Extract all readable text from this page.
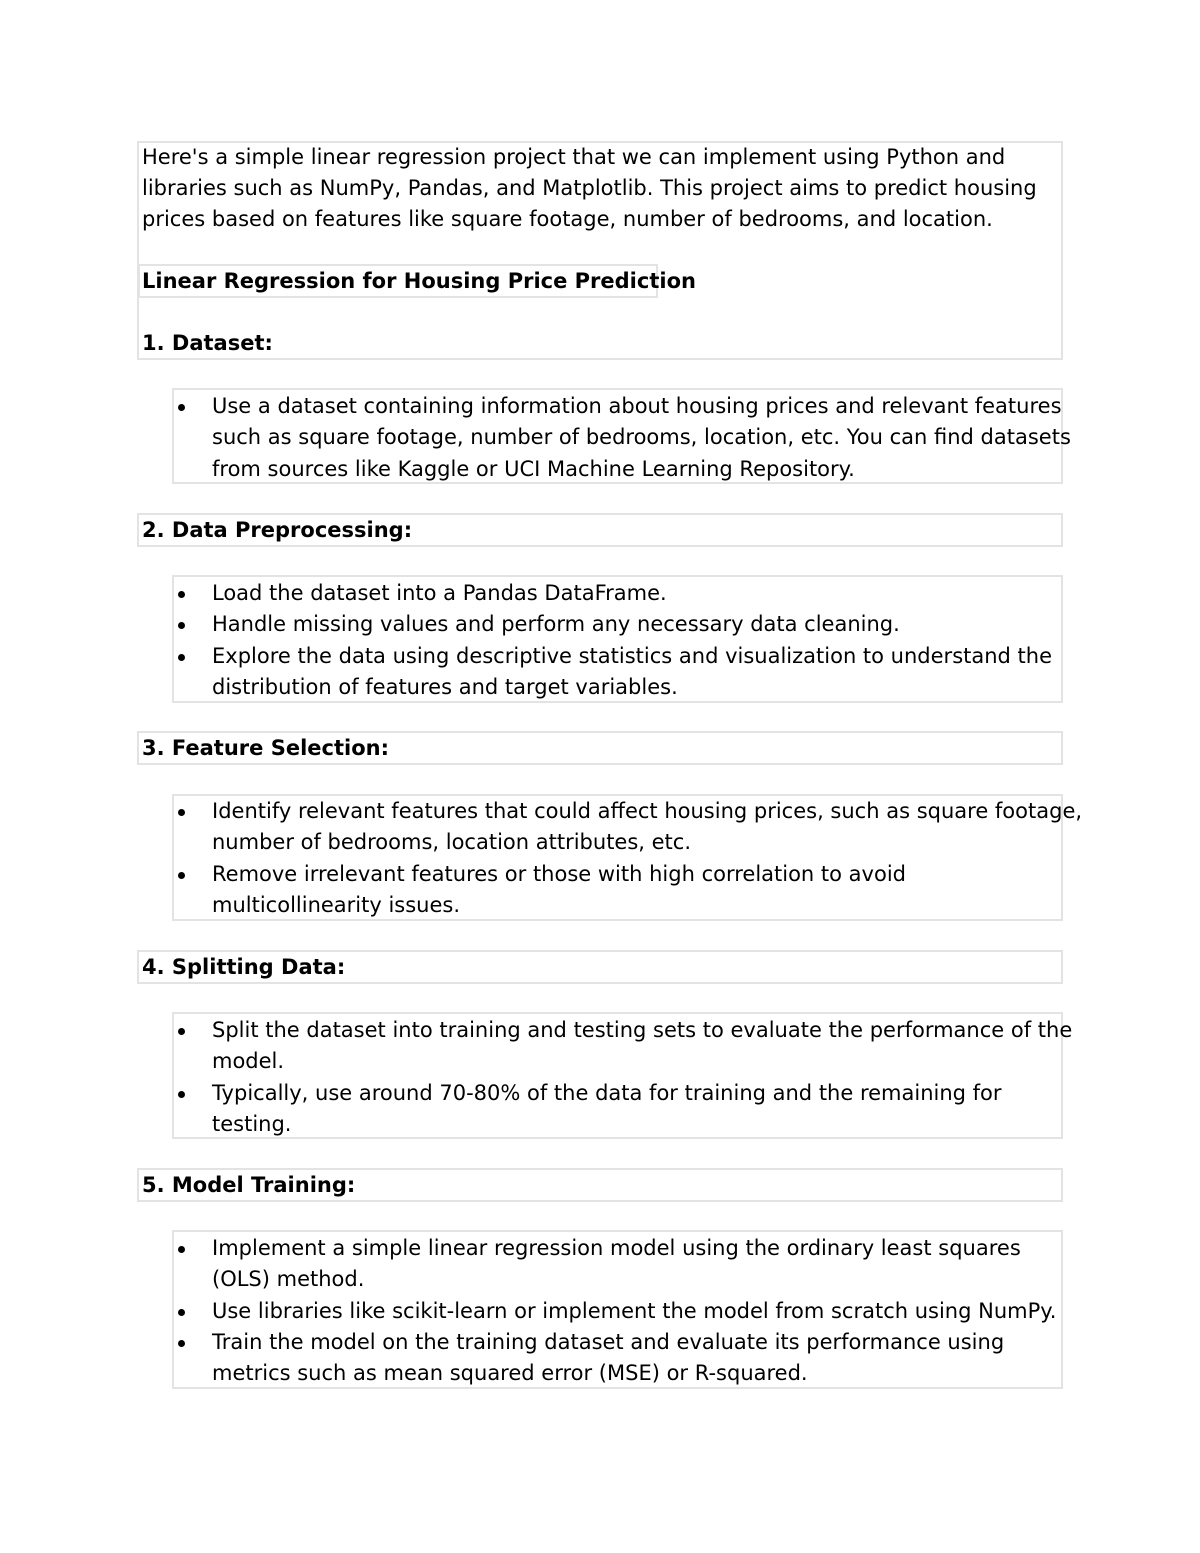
Here's a simple linear regression project that we can implement using Python and
libraries such as NumPy, Pandas, and Matplotlib. This project aims to predict housing
prices based on features like square footage, number of bedrooms, and location.
Linear Regression for Housing Price Prediction
1. Dataset:
Use a dataset containing information about housing prices and relevant features
such as square footage, number of bedrooms, location, etc. You can find datasets
from sources like Kaggle or UCI Machine Learning Repository.
2. Data Preprocessing:
Load the dataset into a Pandas DataFrame.
Handle missing values and perform any necessary data cleaning.
Explore the data using descriptive statistics and visualization to understand the
distribution of features and target variables.
3. Feature Selection:
Identify relevant features that could affect housing prices, such as square footage,
number of bedrooms, location attributes, etc.
Remove irrelevant features or those with high correlation to avoid
multicollinearity issues.
4. Splitting Data:
Split the dataset into training and testing sets to evaluate the performance of the
model.
Typically, use around 70-80% of the data for training and the remaining for
testing.
5. Model Training:
Implement a simple linear regression model using the ordinary least squares
(OLS) method.
Use libraries like scikit-learn or implement the model from scratch using NumPy.
Train the model on the training dataset and evaluate its performance using
metrics such as mean squared error (MSE) or R-squared.
